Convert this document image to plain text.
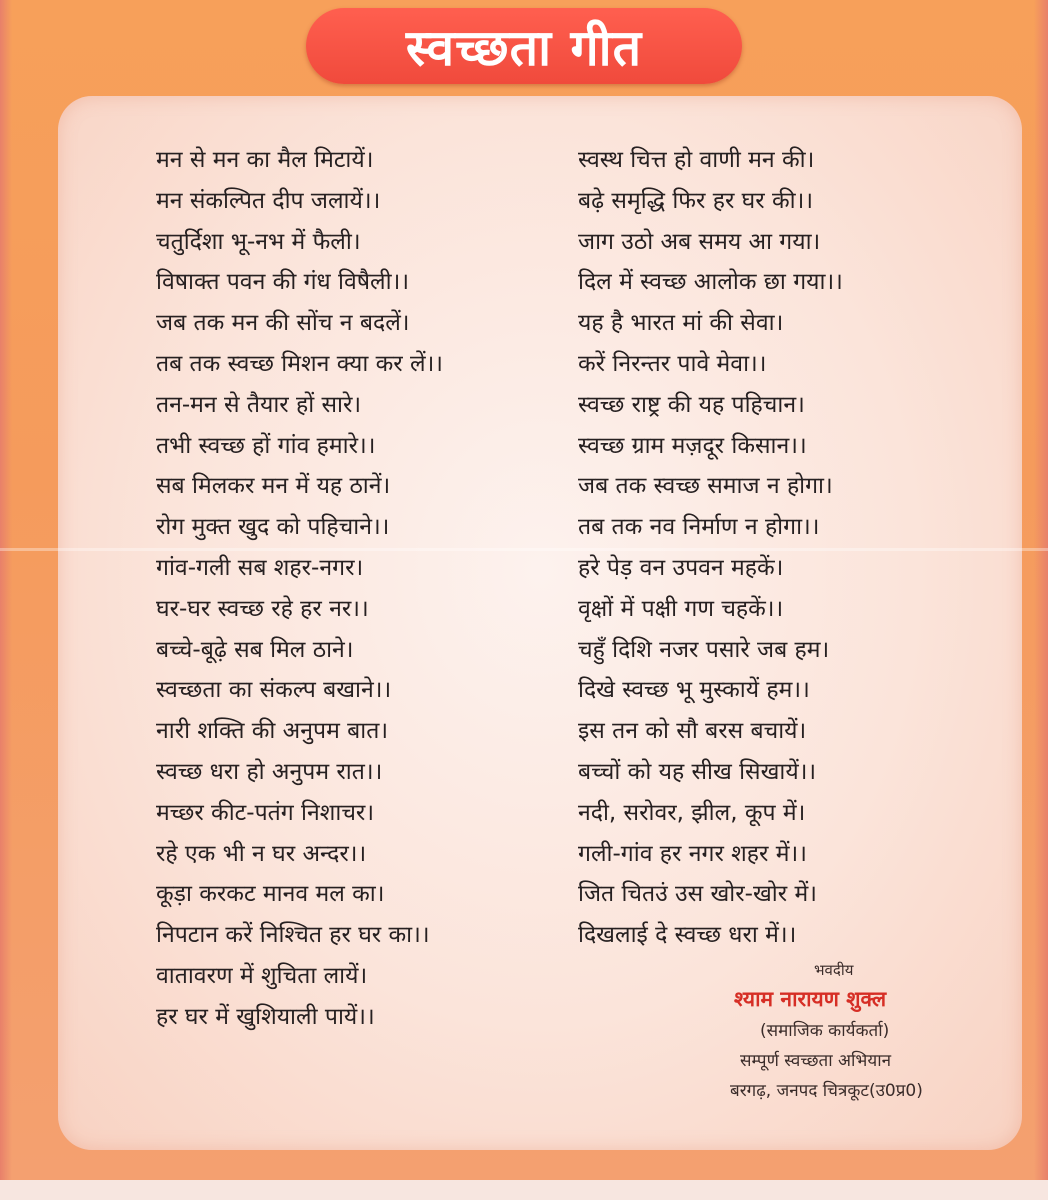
स्वच्छता गीत
मन से मन का मैल मिटायें।
मन संकल्पित दीप जलायें।।
चतुर्दिशा भू-नभ में फैली।
विषाक्त पवन की गंध विषैली।।
जब तक मन की सोंच न बदलें।
तब तक स्वच्छ मिशन क्या कर लें।।
तन-मन से तैयार हों सारे।
तभी स्वच्छ हों गांव हमारे।।
सब मिलकर मन में यह ठानें।
रोग मुक्त खुद को पहिचाने।।
गांव-गली सब शहर-नगर।
घर-घर स्वच्छ रहे हर नर।।
बच्चे-बूढ़े सब मिल ठाने।
स्वच्छता का संकल्प बखाने।।
नारी शक्ति की अनुपम बात।
स्वच्छ धरा हो अनुपम रात।।
मच्छर कीट-पतंग निशाचर।
रहे एक भी न घर अन्दर।।
कूड़ा करकट मानव मल का।
निपटान करें निश्चित हर घर का।।
वातावरण में शुचिता लायें।
हर घर में खुशियाली पायें।।
स्वस्थ चित्त हो वाणी मन की।
बढ़े समृद्धि फिर हर घर की।।
जाग उठो अब समय आ गया।
दिल में स्वच्छ आलोक छा गया।।
यह है भारत मां की सेवा।
करें निरन्तर पावे मेवा।।
स्वच्छ राष्ट्र की यह पहिचान।
स्वच्छ ग्राम मज़दूर किसान।।
जब तक स्वच्छ समाज न होगा।
तब तक नव निर्माण न होगा।।
हरे पेड़ वन उपवन महकें।
वृक्षों में पक्षी गण चहकें।।
चहुँ दिशि नजर पसारे जब हम।
दिखे स्वच्छ भू मुस्कायें हम।।
इस तन को सौ बरस बचायें।
बच्चों को यह सीख सिखायें।।
नदी, सरोवर, झील, कूप में।
गली-गांव हर नगर शहर में।।
जित चितउं उस खोर-खोर में।
दिखलाई दे स्वच्छ धरा में।।
भवदीय
श्याम नारायण शुक्ल
(समाजिक कार्यकर्ता)
सम्पूर्ण स्वच्छता अभियान
बरगढ़, जनपद चित्रकूट(उ0प्र0)
